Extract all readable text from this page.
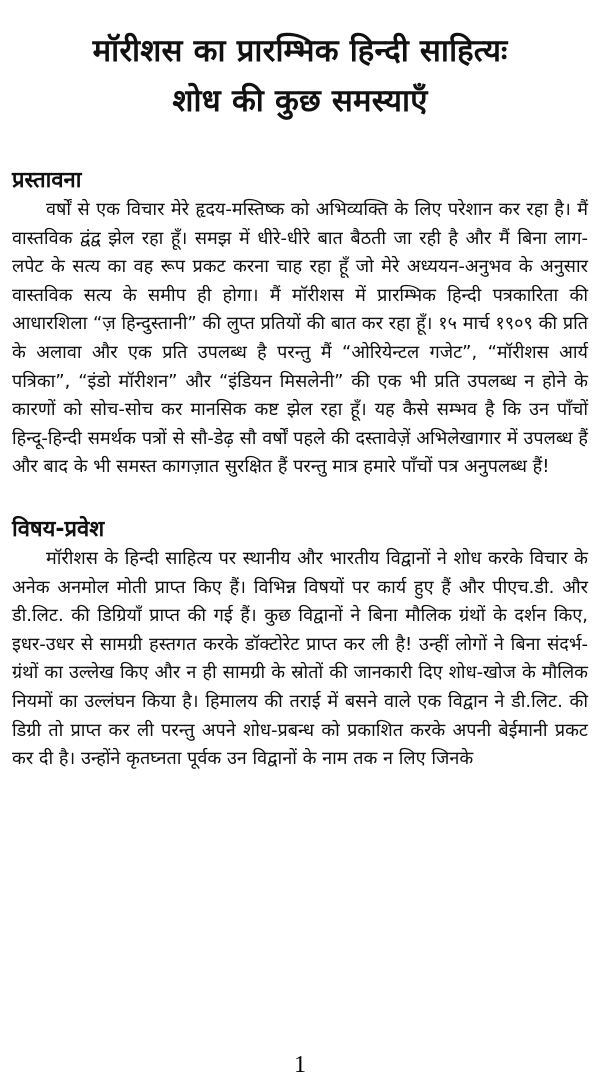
मॉरीशस का प्रारम्भिक हिन्दी साहित्यः
शोध की कुछ समस्याएँ
प्रस्तावना

वर्षों से एक विचार मेरे हृदय-मस्तिष्क को अभिव्यक्ति के लिए परेशान कर रहा है। मैं वास्तविक द्वंद्व झेल रहा हूँ। समझ में धीरे-धीरे बात बैठती जा रही है और मैं बिना लाग-लपेट के सत्य का वह रूप प्रकट करना चाह रहा हूँ जो मेरे अध्ययन-अनुभव के अनुसार वास्तविक सत्य के समीप ही होगा। मैं मॉरीशस में प्रारम्भिक हिन्दी पत्रकारिता की आधारशिला “ज़ हिन्दुस्तानी” की लुप्त प्रतियों की बात कर रहा हूँ। १५ मार्च १९०९ की प्रति के अलावा और एक प्रति उपलब्ध है परन्तु मैं “ओरियेन्टल गजेट”, “मॉरीशस आर्य पत्रिका”, “इंडो मॉरीशन” और “इंडियन मिसलेनी” की एक भी प्रति उपलब्ध न होने के कारणों को सोच-सोच कर मानसिक कष्ट झेल रहा हूँ। यह कैसे सम्भव है कि उन पाँचों हिन्दू-हिन्दी समर्थक पत्रों से सौ-डेढ़ सौ वर्षों पहले की दस्तावेज़ें अभिलेखागार में उपलब्ध हैं और बाद के भी समस्त कागज़ात सुरक्षित हैं परन्तु मात्र हमारे पाँचों पत्र अनुपलब्ध हैं!

विषय-प्रवेश

मॉरीशस के हिन्दी साहित्य पर स्थानीय और भारतीय विद्वानों ने शोध करके विचार के अनेक अनमोल मोती प्राप्त किए हैं। विभिन्न विषयों पर कार्य हुए हैं और पीएच.डी. और डी.लिट. की डिग्रियाँ प्राप्त की गई हैं। कुछ विद्वानों ने बिना मौलिक ग्रंथों के दर्शन किए, इधर-उधर से सामग्री हस्तगत करके डॉक्टोरेट प्राप्त कर ली है! उन्हीं लोगों ने बिना संदर्भ-ग्रंथों का उल्लेख किए और न ही सामग्री के स्रोतों की जानकारी दिए शोध-खोज के मौलिक नियमों का उल्लंघन किया है। हिमालय की तराई में बसने वाले एक विद्वान ने डी.लिट. की डिग्री तो प्राप्त कर ली परन्तु अपने शोध-प्रबन्ध को प्रकाशित करके अपनी बेईमानी प्रकट कर दी है। उन्होंने कृतघ्नता पूर्वक उन विद्वानों के नाम तक न लिए जिनके

1
